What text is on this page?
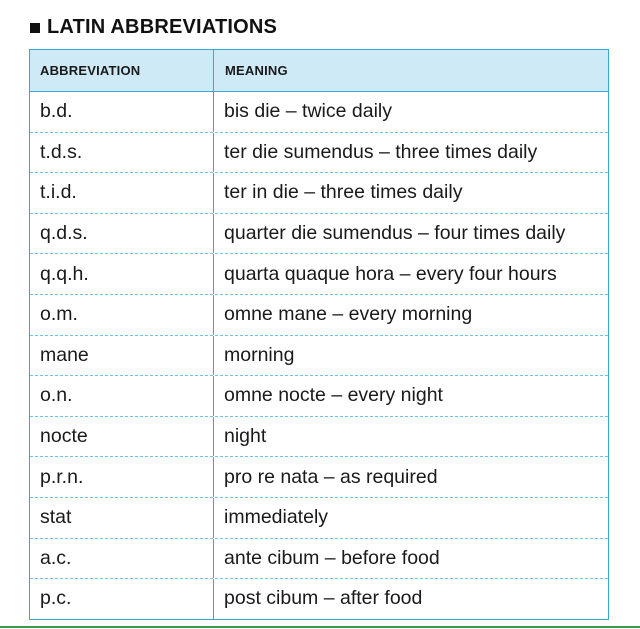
LATIN ABBREVIATIONS
ABBREVIATION	MEANING
b.d.	bis die – twice daily
t.d.s.	ter die sumendus – three times daily
t.i.d.	ter in die – three times daily
q.d.s.	quarter die sumendus – four times daily
q.q.h.	quarta quaque hora – every four hours
o.m.	omne mane – every morning
mane	morning
o.n.	omne nocte – every night
nocte	night
p.r.n.	pro re nata – as required
stat	immediately
a.c.	ante cibum – before food
p.c.	post cibum – after food
